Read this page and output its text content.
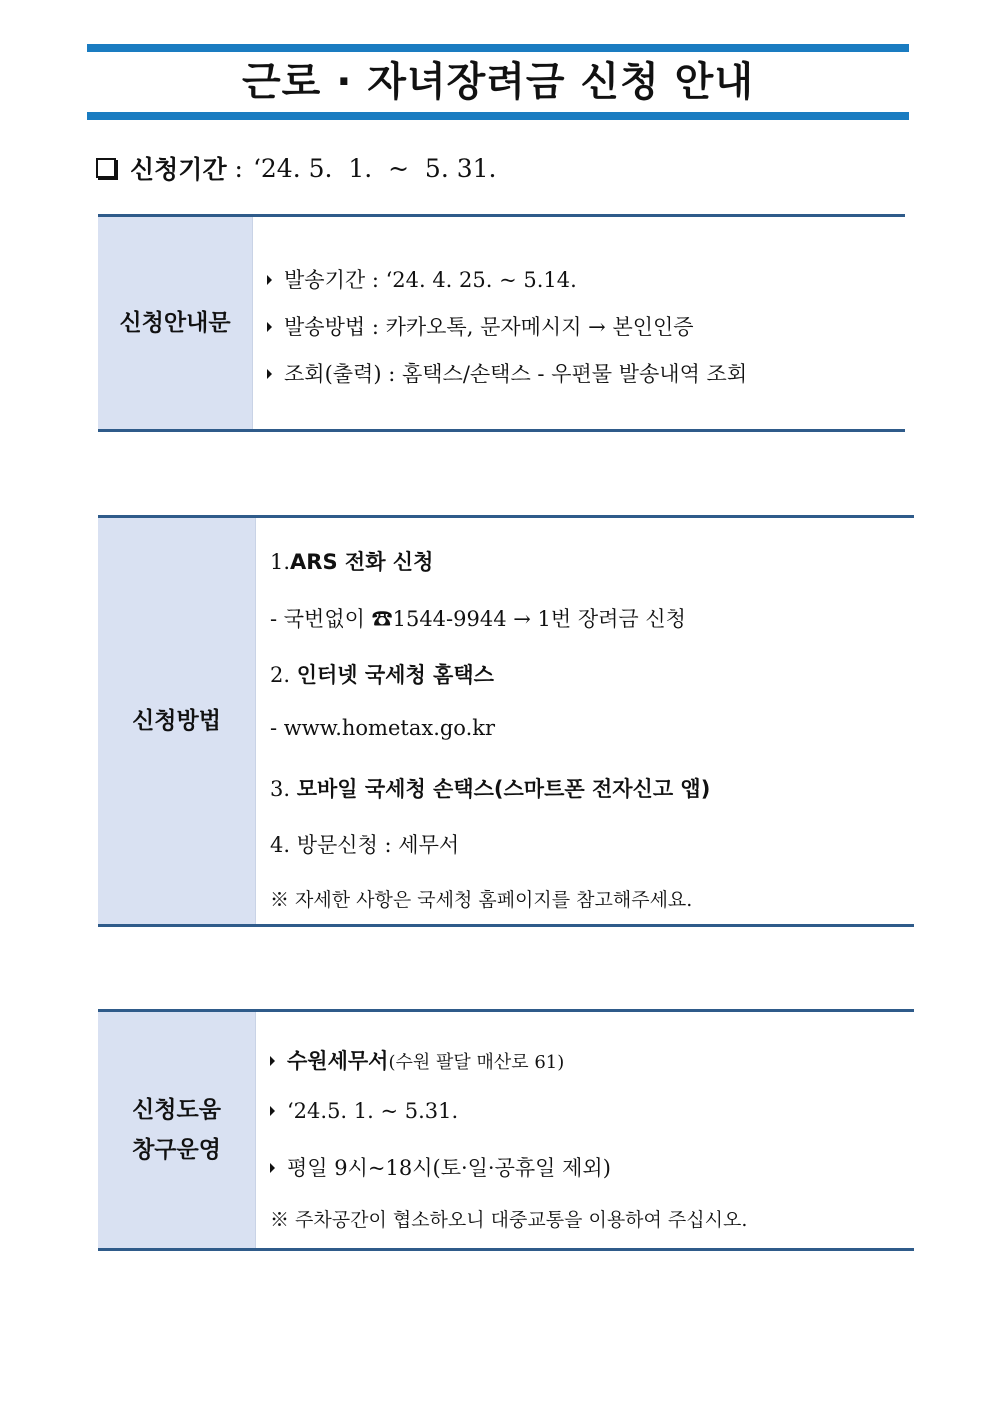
근로 · 자녀장려금 신청 안내
신청기간 : ‘24. 5.  1.  ~  5. 31.
신청안내문
발송기간 : ‘24. 4. 25. ~ 5.14.
발송방법 : 카카오톡, 문자메시지 → 본인인증
조회(출력) : 홈택스/손택스 - 우편물 발송내역 조회
신청방법
1.ARS 전화 신청
- 국번없이 ☎1544-9944 → 1번 장려금 신청
2. 인터넷 국세청 홈택스
- www.hometax.go.kr
3. 모바일 국세청 손택스(스마트폰 전자신고 앱)
4. 방문신청 : 세무서
※ 자세한 사항은 국세청 홈페이지를 참고해주세요.
신청도움
창구운영
수원세무서(수원 팔달 매산로 61)
‘24.5. 1. ~ 5.31.
평일 9시~18시(토·일·공휴일 제외)
※ 주차공간이 협소하오니 대중교통을 이용하여 주십시오.
